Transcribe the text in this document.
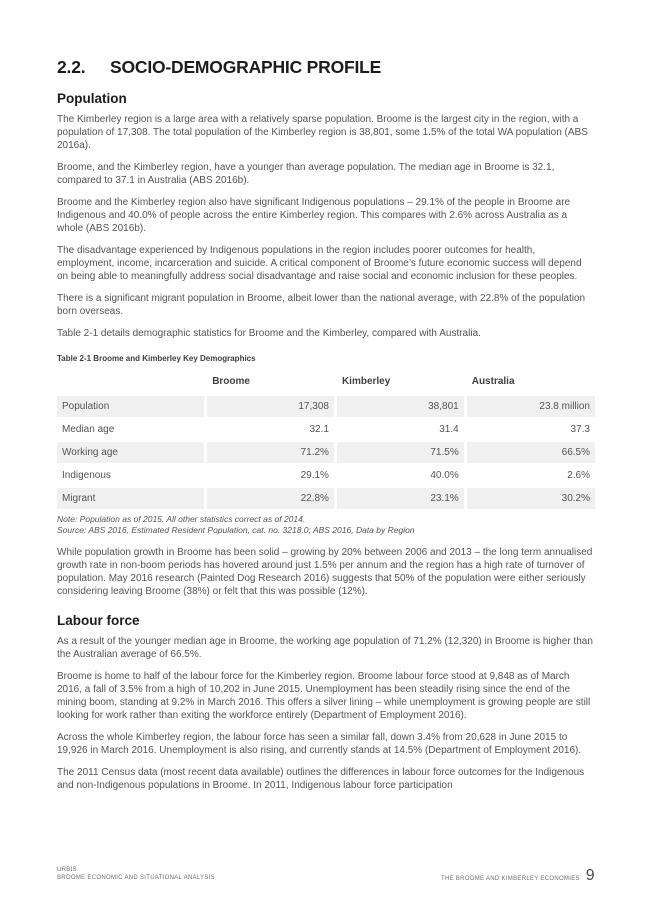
2.2.	SOCIO-DEMOGRAPHIC PROFILE
Population

The Kimberley region is a large area with a relatively sparse population. Broome is the largest city in the region, with a population of 17,308. The total population of the Kimberley region is 38,801, some 1.5% of the total WA population (ABS 2016a).

Broome, and the Kimberley region, have a younger than average population. The median age in Broome is 32.1, compared to 37.1 in Australia (ABS 2016b).

Broome and the Kimberley region also have significant Indigenous populations – 29.1% of the people in Broome are Indigenous and 40.0% of people across the entire Kimberley region. This compares with 2.6% across Australia as a whole (ABS 2016b).

The disadvantage experienced by Indigenous populations in the region includes poorer outcomes for health, employment, income, incarceration and suicide. A critical component of Broome’s future economic success will depend on being able to meaningfully address social disadvantage and raise social and economic inclusion for these peoples.

There is a significant migrant population in Broome, albeit lower than the national average, with 22.8% of the population born overseas.

Table 2-1 details demographic statistics for Broome and the Kimberley, compared with Australia.

Table 2-1 Broome and Kimberley Key Demographics
	Broome	Kimberley	Australia
Population	17,308	38,801	23.8 million
Median age	32.1	31.4	37.3
Working age	71.2%	71.5%	66.5%
Indigenous	29.1%	40.0%	2.6%
Migrant	22.8%	23.1%	30.2%
Note: Population as of 2015. All other statistics correct as of 2014.
Source: ABS 2016, Estimated Resident Population, cat. no. 3218.0; ABS 2016, Data by Region

While population growth in Broome has been solid – growing by 20% between 2006 and 2013 – the long term annualised growth rate in non-boom periods has hovered around just 1.5% per annum and the region has a high rate of turnover of population. May 2016 research (Painted Dog Research 2016) suggests that 50% of the population were either seriously considering leaving Broome (38%) or felt that this was possible (12%).

Labour force

As a result of the younger median age in Broome, the working age population of 71.2% (12,320) in Broome is higher than the Australian average of 66.5%.

Broome is home to half of the labour force for the Kimberley region. Broome labour force stood at 9,848 as of March 2016, a fall of 3.5% from a high of 10,202 in June 2015. Unemployment has been steadily rising since the end of the mining boom, standing at 9.2% in March 2016. This offers a silver lining – while unemployment is growing people are still looking for work rather than exiting the workforce entirely (Department of Employment 2016).

Across the whole Kimberley region, the labour force has seen a similar fall, down 3.4% from 20,628 in June 2015 to 19,926 in March 2016. Unemployment is also rising, and currently stands at 14.5% (Department of Employment 2016).

The 2011 Census data (most recent data available) outlines the differences in labour force outcomes for the Indigenous and non-Indigenous populations in Broome. In 2011, Indigenous labour force participation

URBIS
BROOME ECONOMIC AND SITUATIONAL ANALYSIS	THE BROOME AND KIMBERLEY ECONOMIES 9
